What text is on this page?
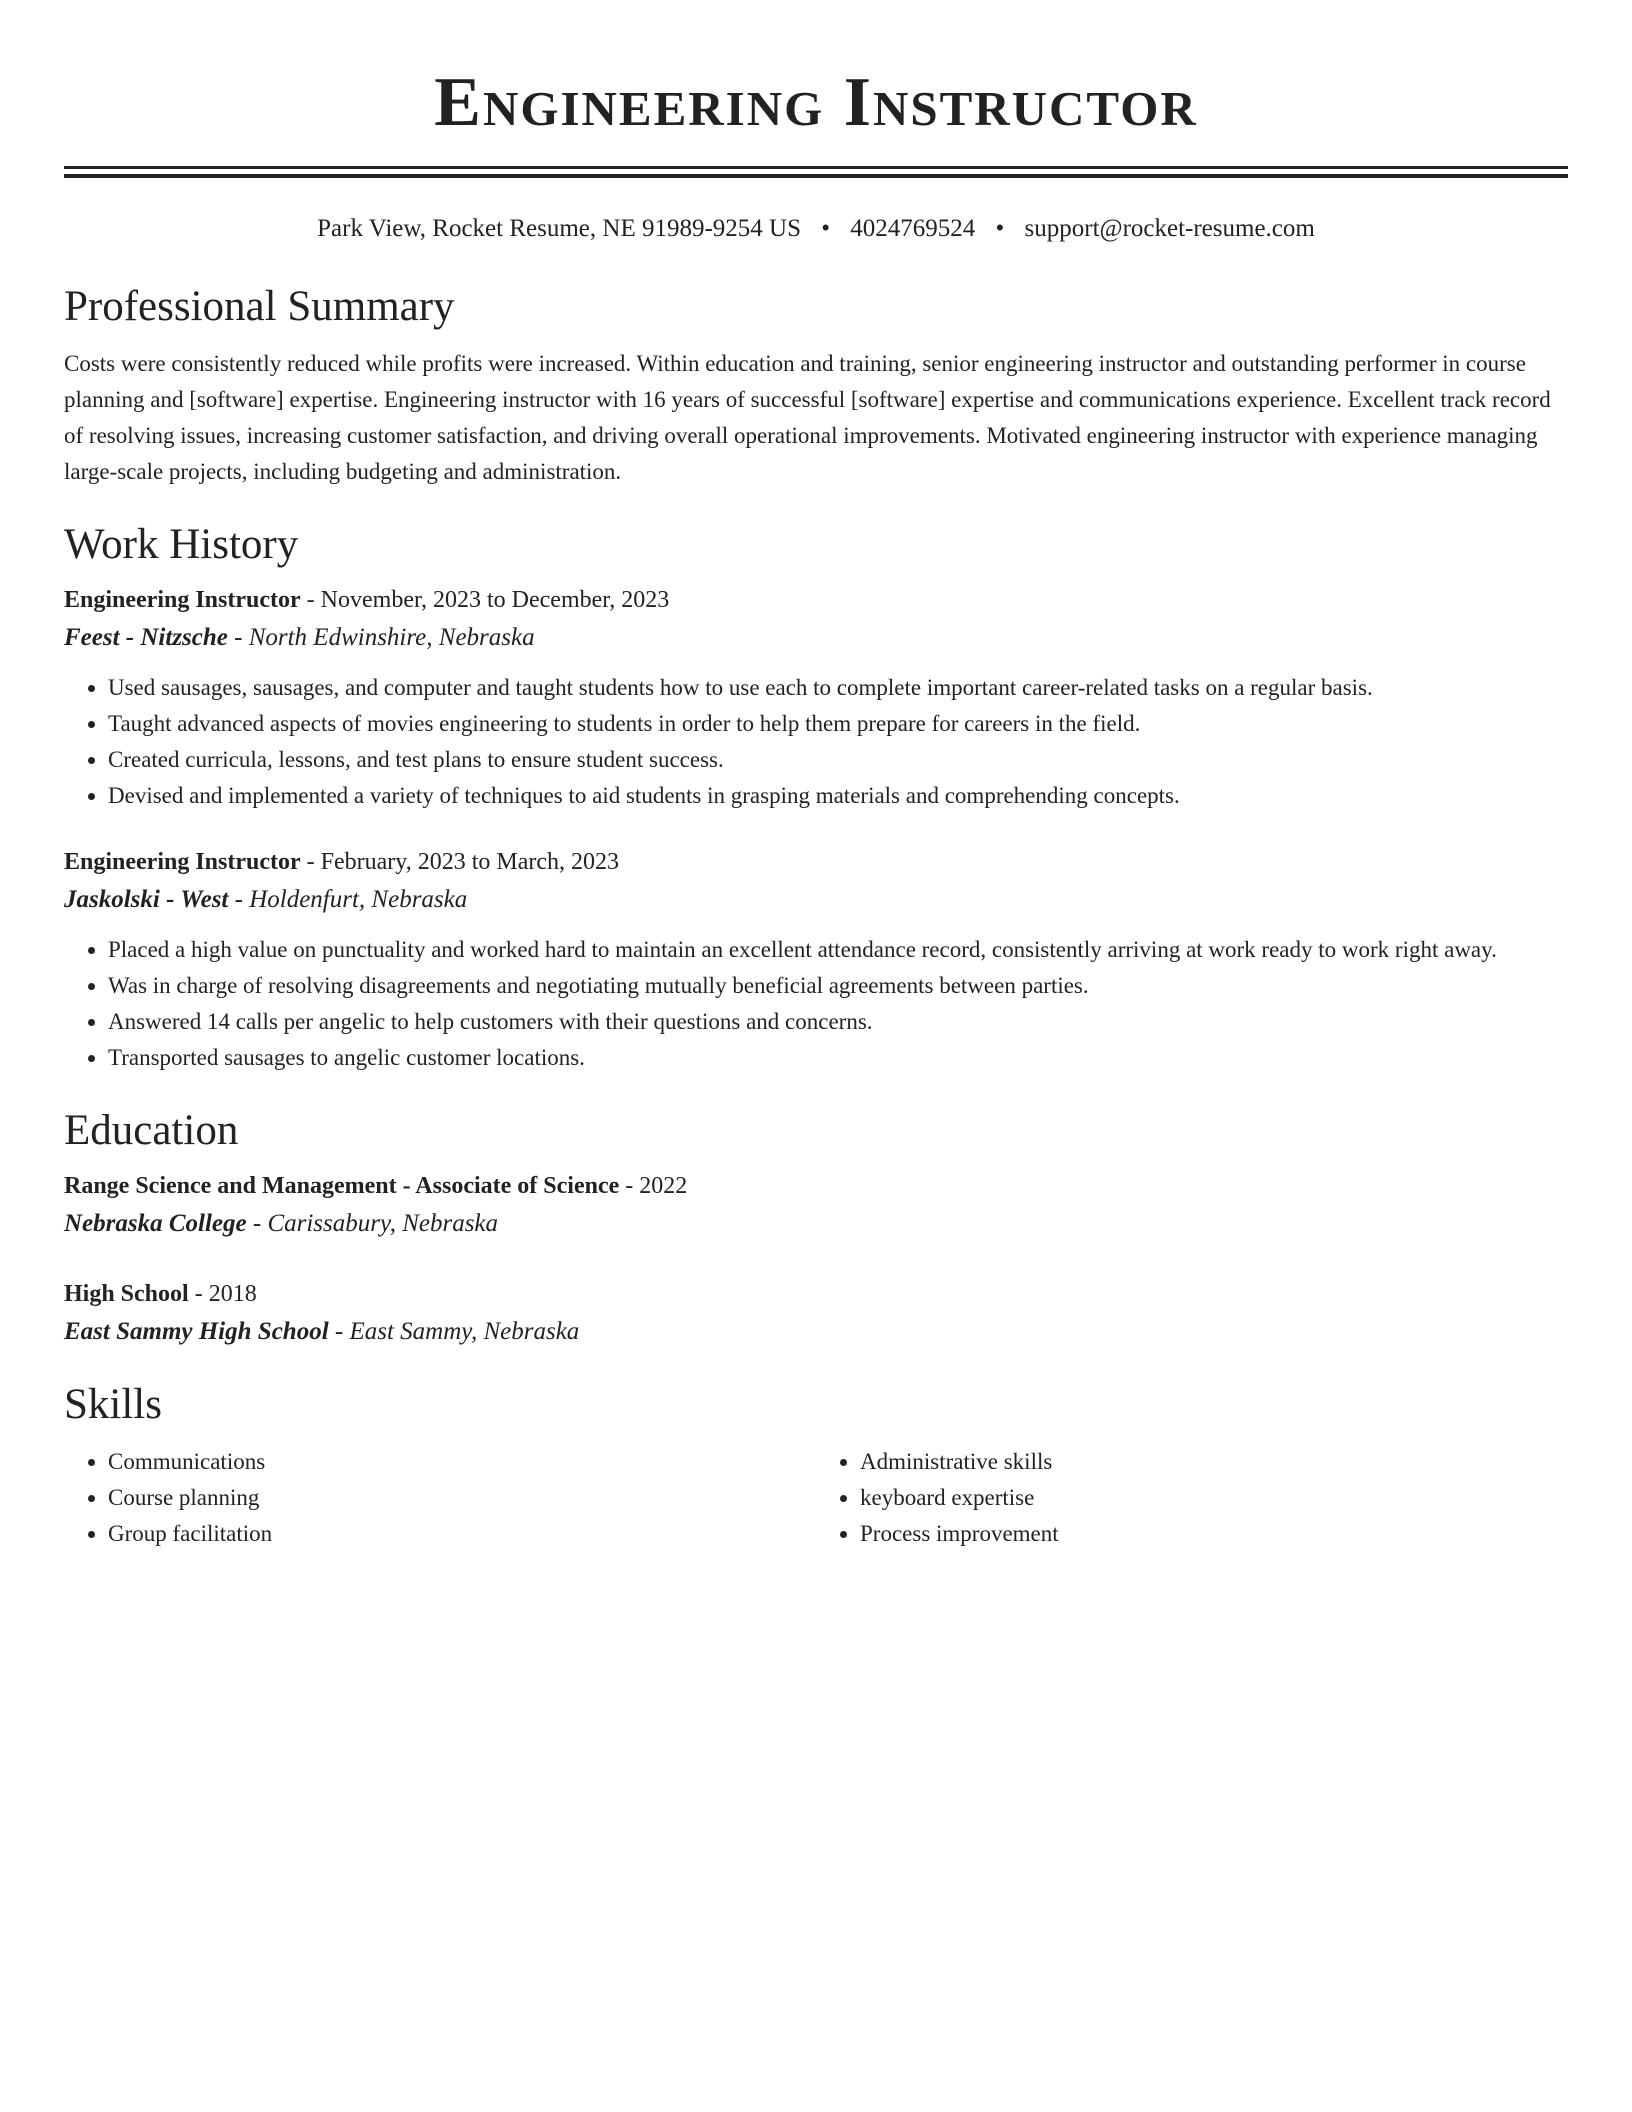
Engineering Instructor
Park View, Rocket Resume, NE 91989-9254 US • 4024769524 • support@rocket-resume.com
Professional Summary

Costs were consistently reduced while profits were increased. Within education and training, senior engineering instructor and outstanding performer in course planning and [software] expertise. Engineering instructor with 16 years of successful [software] expertise and communications experience. Excellent track record of resolving issues, increasing customer satisfaction, and driving overall operational improvements. Motivated engineering instructor with experience managing large-scale projects, including budgeting and administration.

Work History

Engineering Instructor - November, 2023 to December, 2023

Feest - Nitzsche - North Edwinshire, Nebraska

• Used sausages, sausages, and computer and taught students how to use each to complete important career-related tasks on a regular basis.
• Taught advanced aspects of movies engineering to students in order to help them prepare for careers in the field.
• Created curricula, lessons, and test plans to ensure student success.
• Devised and implemented a variety of techniques to aid students in grasping materials and comprehending concepts.

Engineering Instructor - February, 2023 to March, 2023

Jaskolski - West - Holdenfurt, Nebraska

• Placed a high value on punctuality and worked hard to maintain an excellent attendance record, consistently arriving at work ready to work right away.
• Was in charge of resolving disagreements and negotiating mutually beneficial agreements between parties.
• Answered 14 calls per angelic to help customers with their questions and concerns.
• Transported sausages to angelic customer locations.
Education

Range Science and Management - Associate of Science - 2022

Nebraska College - Carissabury, Nebraska

High School - 2018

East Sammy High School - East Sammy, Nebraska

Skills
• Communications
• Course planning
• Group facilitation
• Administrative skills
• keyboard expertise
• Process improvement
